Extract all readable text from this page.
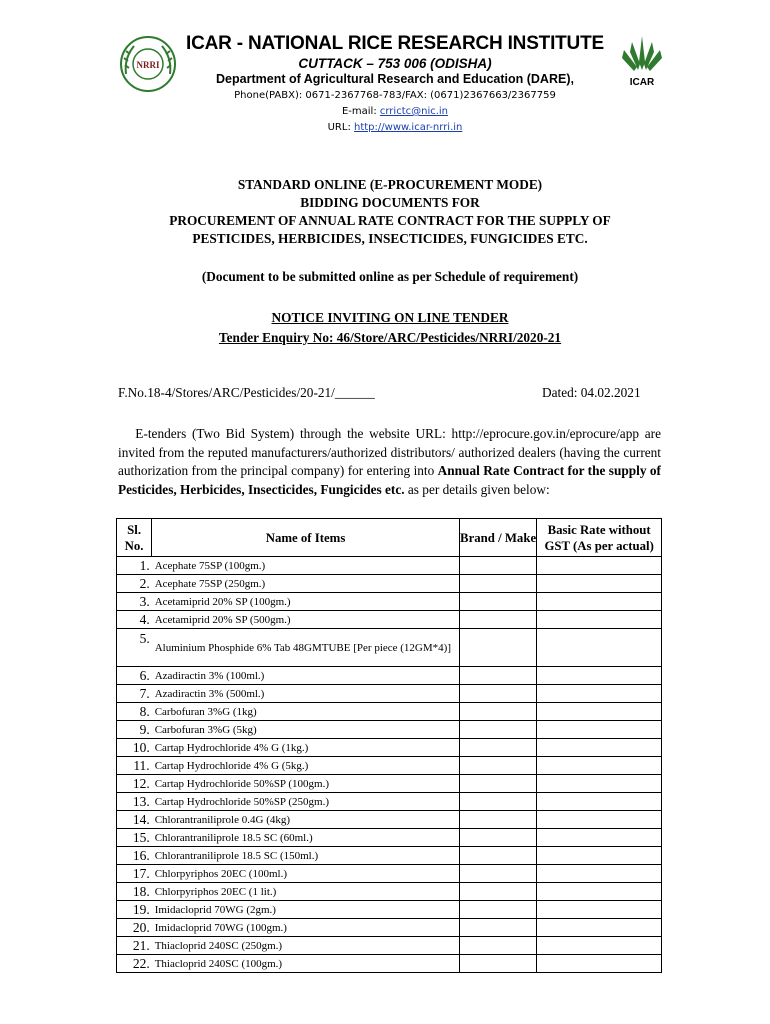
NRRI
ICAR
ICAR - NATIONAL RICE RESEARCH INSTITUTE
CUTTACK – 753 006 (ODISHA)
Department of Agricultural Research and Education (DARE),
Phone(PABX): 0671-2367768-783/FAX: (0671)2367663/2367759
E-mail: crrictc@nic.in
URL: http://www.icar-nrri.in
STANDARD ONLINE (E-PROCUREMENT MODE)
BIDDING DOCUMENTS FOR
PROCUREMENT OF ANNUAL RATE CONTRACT FOR THE SUPPLY OF
PESTICIDES, HERBICIDES, INSECTICIDES, FUNGICIDES ETC.
(Document to be submitted online as per Schedule of requirement)
NOTICE INVITING ON LINE TENDER
Tender Enquiry No: 46/Store/ARC/Pesticides/NRRI/2020-21
F.No.18-4/Stores/ARC/Pesticides/20-21/______	Dated: 04.02.2021
E-tenders (Two Bid System) through the website URL: http://eprocure.gov.in/eprocure/app are invited from the reputed manufacturers/authorized distributors/ authorized dealers (having the current authorization from the principal company) for entering into Annual Rate Contract for the supply of Pesticides, Herbicides, Insecticides, Fungicides etc. as per details given below:
Sl. No.	Name of Items	Brand / Make	Basic Rate without GST (As per actual)
1.	Acephate 75SP (100gm.)		
2.	Acephate 75SP (250gm.)		
3.	Acetamiprid 20% SP (100gm.)		
4.	Acetamiprid 20% SP (500gm.)		
5.	Aluminium Phosphide 6% Tab 48GMTUBE [Per piece (12GM*4)]		
6.	Azadiractin 3% (100ml.)		
7.	Azadiractin 3% (500ml.)		
8.	Carbofuran 3%G (1kg)		
9.	Carbofuran 3%G (5kg)		
10.	Cartap Hydrochloride 4% G (1kg.)		
11.	Cartap Hydrochloride 4% G (5kg.)		
12.	Cartap Hydrochloride 50%SP (100gm.)		
13.	Cartap Hydrochloride 50%SP (250gm.)		
14.	Chlorantraniliprole 0.4G (4kg)		
15.	Chlorantraniliprole 18.5 SC (60ml.)		
16.	Chlorantraniliprole 18.5 SC (150ml.)		
17.	Chlorpyriphos 20EC (100ml.)		
18.	Chlorpyriphos 20EC (1 lit.)		
19.	Imidacloprid 70WG (2gm.)		
20.	Imidacloprid 70WG (100gm.)		
21.	Thiacloprid 240SC (250gm.)		
22.	Thiacloprid 240SC (100gm.)		
